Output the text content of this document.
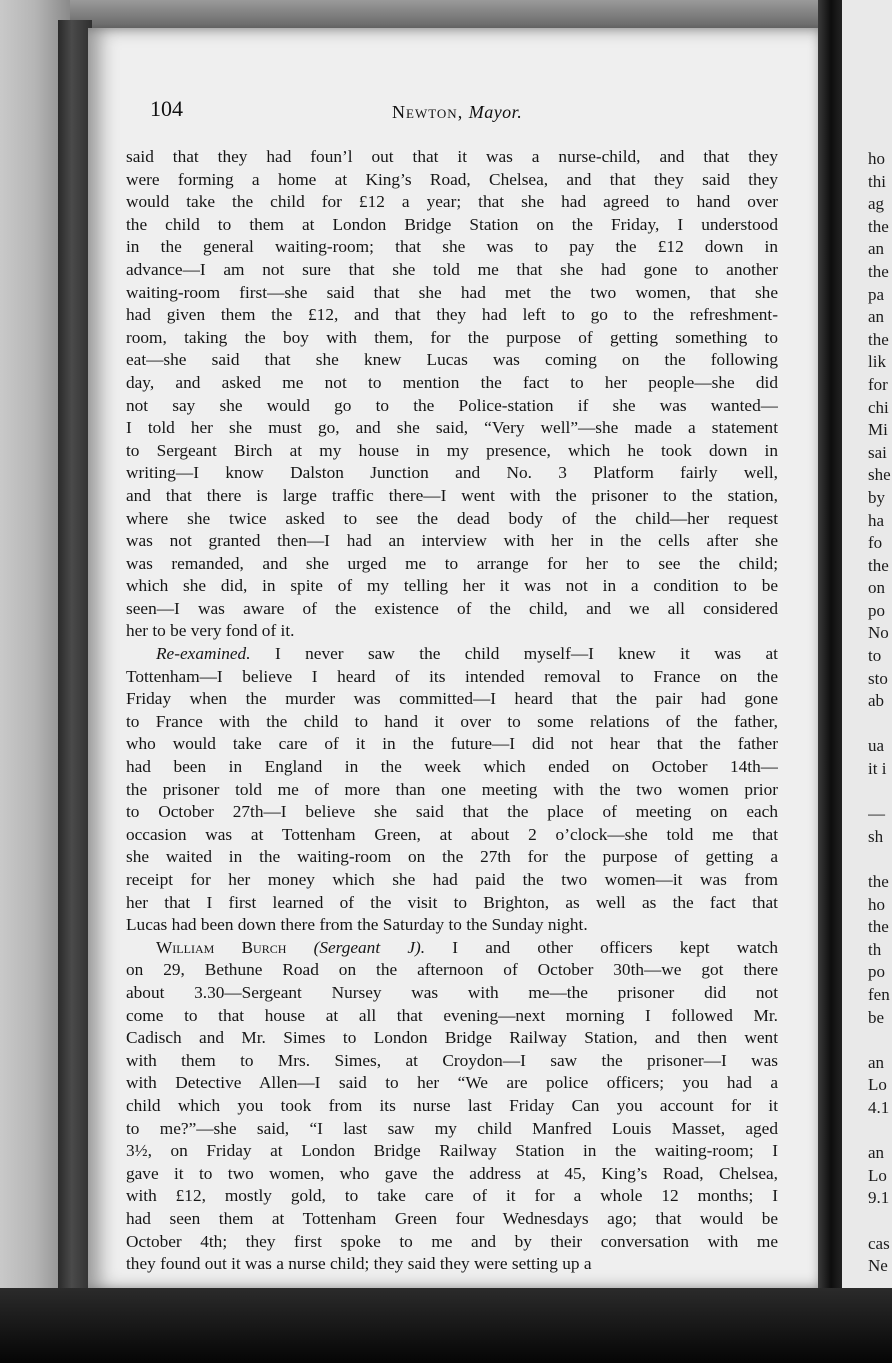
104	Newton, Mayor.
said that they had foun’l out that it was a nurse-child, and that they
were forming a home at King’s Road, Chelsea, and that they said they
would take the child for £12 a year; that she had agreed to hand over
the child to them at London Bridge Station on the Friday, I understood
in the general waiting-room; that she was to pay the £12 down in
advance—I am not sure that she told me that she had gone to another
waiting-room first—she said that she had met the two women, that she
had given them the £12, and that they had left to go to the refreshment-
room, taking the boy with them, for the purpose of getting something to
eat—she said that she knew Lucas was coming on the following
day, and asked me not to mention the fact to her people—she did
not say she would go to the Police-station if she was wanted—
I told her she must go, and she said, “Very well”—she made a statement
to Sergeant Birch at my house in my presence, which he took down in
writing—I know Dalston Junction and No. 3 Platform fairly well,
and that there is large traffic there—I went with the prisoner to the station,
where she twice asked to see the dead body of the child—her request
was not granted then—I had an interview with her in the cells after she
was remanded, and she urged me to arrange for her to see the child;
which she did, in spite of my telling her it was not in a condition to be
seen—I was aware of the existence of the child, and we all considered
her to be very fond of it.
Re-examined. I never saw the child myself—I knew it was at
Tottenham—I believe I heard of its intended removal to France on the
Friday when the murder was committed—I heard that the pair had gone
to France with the child to hand it over to some relations of the father,
who would take care of it in the future—I did not hear that the father
had been in England in the week which ended on October 14th—
the prisoner told me of more than one meeting with the two women prior
to October 27th—I believe she said that the place of meeting on each
occasion was at Tottenham Green, at about 2 o’clock—she told me that
she waited in the waiting-room on the 27th for the purpose of getting a
receipt for her money which she had paid the two women—it was from
her that I first learned of the visit to Brighton, as well as the fact that
Lucas had been down there from the Saturday to the Sunday night.
William Burch (Sergeant J). I and other officers kept watch
on 29, Bethune Road on the afternoon of October 30th—we got there
about 3.30—Sergeant Nursey was with me—the prisoner did not
come to that house at all that evening—next morning I followed Mr.
Cadisch and Mr. Simes to London Bridge Railway Station, and then went
with them to Mrs. Simes, at Croydon—I saw the prisoner—I was
with Detective Allen—I said to her “We are police officers; you had a
child which you took from its nurse last Friday Can you account for it
to me?”—she said, “I last saw my child Manfred Louis Masset, aged
3½, on Friday at London Bridge Railway Station in the waiting-room; I
gave it to two women, who gave the address at 45, King’s Road, Chelsea,
with £12, mostly gold, to take care of it for a whole 12 months; I
had seen them at Tottenham Green four Wednesdays ago; that would be
October 4th; they first spoke to me and by their conversation with me
they found out it was a nurse child; they said they were setting up a
ho
thi
ag
the
an
the
pa
an
the
lik
for
chi
Mi
sai
she
by
ha
fo
the
on
po
No
to
sto
ab
ua
it i
—
sh
the
ho
the
th
po
fen
be
an
Lo
4.1
an
Lo
9.1
cas
Ne
